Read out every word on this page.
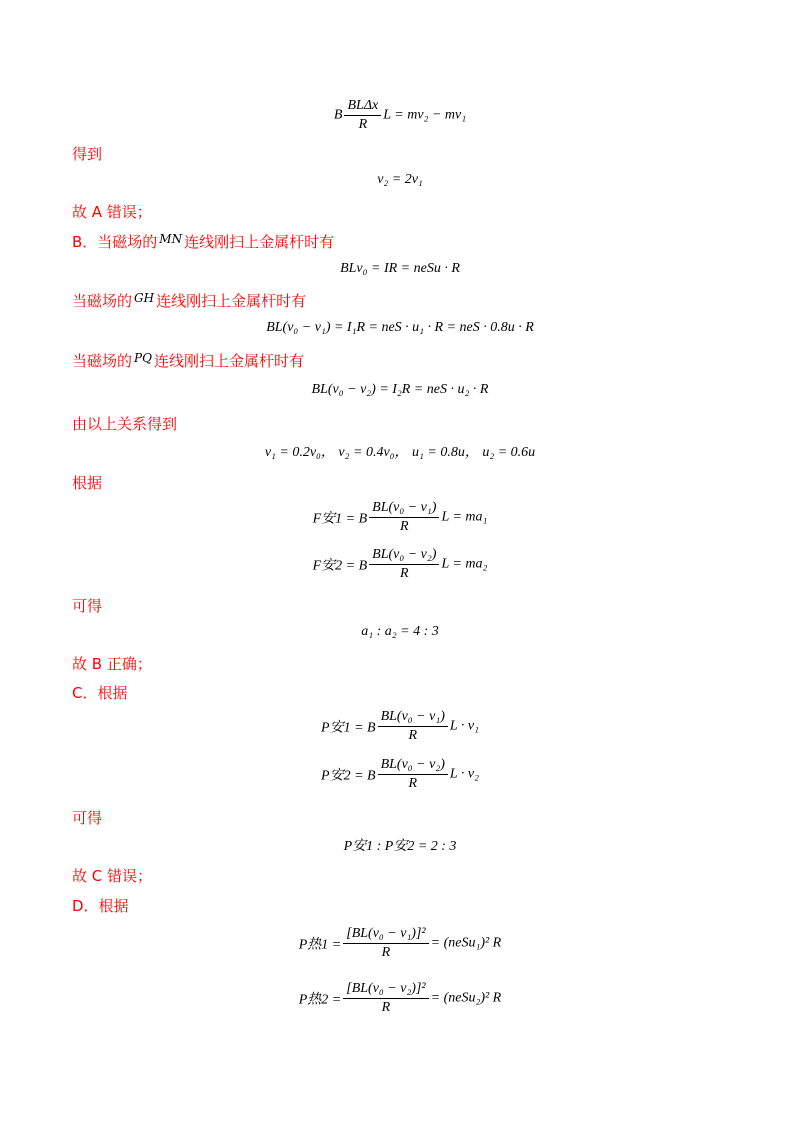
B $\frac{\text{BLΔx}}{R}$ L = mv₂ − mv₁
得到
v₂ = 2v₁
故 A 错误；
B．当磁场的 $^{MN}$ 连线刚扫上金属杆时有
BLv₀ = IR = neSu · R
当磁场的 $^{GH}$ 连线刚扫上金属杆时有
BL(v₀ − v₁) = I₁R = neS · u₁ · R = neS · 0.8u · R
当磁场的 $^{PQ}$ 连线刚扫上金属杆时有
BL(v₀ − v₂) = I₂R = neS · u₂ · R
由以上关系得到
v₁ = 0.2v₀， v₂ = 0.4v₀， u₁ = 0.8u， u₂ = 0.6u
根据
F安1 = B $\frac{\text{BL(v₀ − v₁)}}{R}$ L = ma₁
F安2 = B $\frac{\text{BL(v₀ − v₂)}}{R}$ L = ma₂
可得
a₁ : a₂ = 4 : 3
故 B 正确；
C．根据
P安1 = B $\frac{\text{BL(v₀ − v₁)}}{R}$ L · v₁
P安2 = B $\frac{\text{BL(v₀ − v₂)}}{R}$ L · v₂
可得
P安1 : P安2 = 2 : 3
故 C 错误；
D．根据
P热$1 = \frac{\text{[BL(v₀ − v₁)]²}}{R}$ = (neSu₁)² R
P热$2 = \frac{\text{[BL(v₀ − v₂)]²}}{R}$ = (neSu₂)² R
